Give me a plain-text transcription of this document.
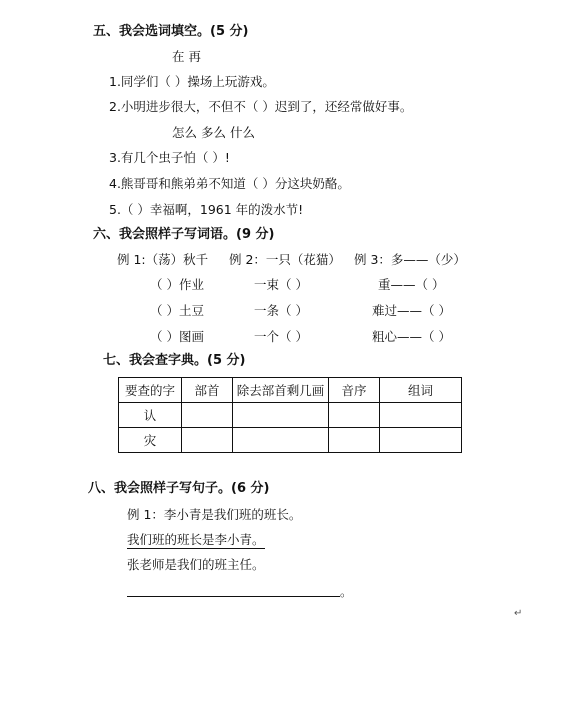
五、我会选词填空。(5 分)
在 再
1.同学们（ ）操场上玩游戏。
2.小明进步很大，不但不（ ）迟到了，还经常做好事。
怎么 多么 什么
3.有几个虫子怕（ ）!
4.熊哥哥和熊弟弟不知道（ ）分这块奶酪。
5.（ ）幸福啊，1961 年的泼水节!
六、我会照样子写词语。(9 分)
例 1:（荡）秋千 例 2：一只（花猫） 例 3：多——（少）
（ ）作业	一束（ ）	重——（ ）
（ ）土豆	一条（ ）	难过——（ ）
（ ）图画	一个（ ）	粗心——（ ）
七、我会查字典。(5 分)
要查的字	部首	除去部首剩几画	音序	组词
认				
灾				
八、我会照样子写句子。(6 分)
例 1：李小青是我们班的班长。
我们班的班长是李小青。
张老师是我们的班主任。
。
↵
